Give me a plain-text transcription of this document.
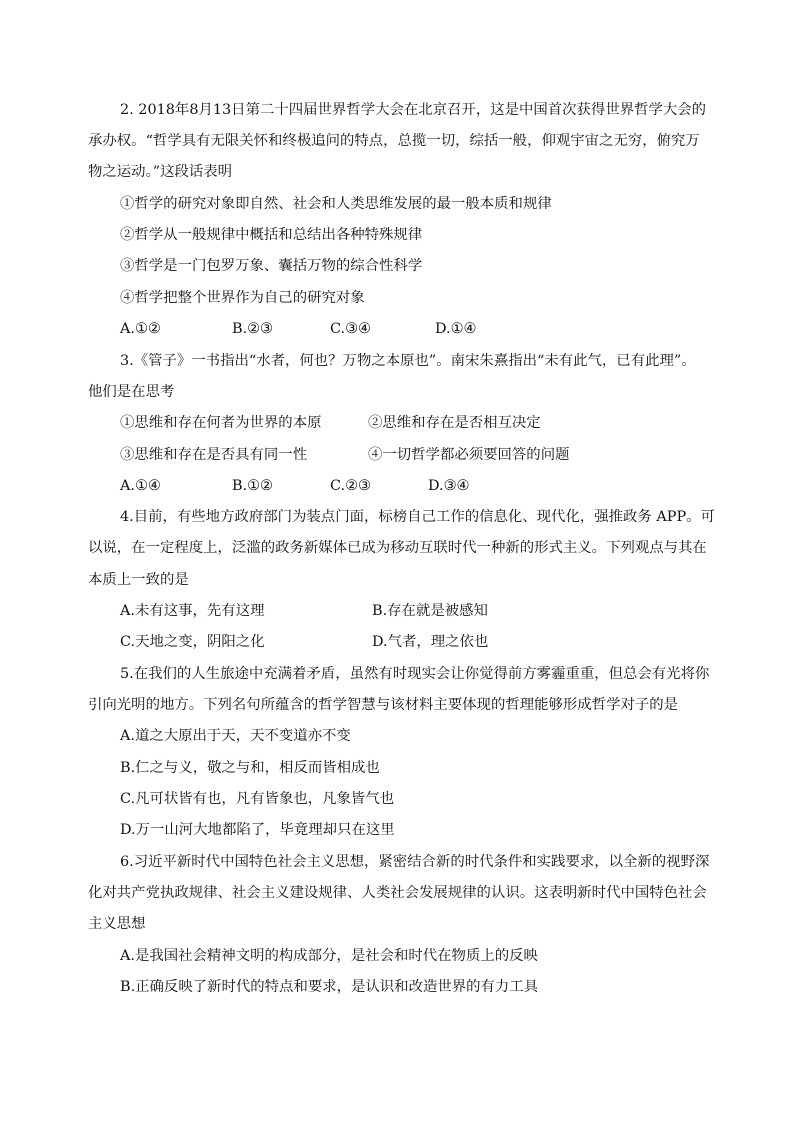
2. 2018年8月13日第二十四届世界哲学大会在北京召开，这是中国首次获得世界哲学大会的
承办权。“哲学具有无限关怀和终极追问的特点，总揽一切，综括一般，仰观宇宙之无穷，俯究万
物之运动。”这段话表明
①哲学的研究对象即自然、社会和人类思维发展的最一般本质和规律
②哲学从一般规律中概括和总结出各种特殊规律
③哲学是一门包罗万象、囊括万物的综合性科学
④哲学把整个世界作为自己的研究对象
A.①②	B.②③	C.③④	D.①④
3.《管子》一书指出“水者，何也？万物之本原也”。南宋朱熹指出“未有此气，已有此理”。
他们是在思考
①思维和存在何者为世界的本原	②思维和存在是否相互决定
③思维和存在是否具有同一性	④一切哲学都必须要回答的问题
A.①④	B.①②	C.②③	D.③④
4.目前，有些地方政府部门为装点门面，标榜自己工作的信息化、现代化，强推政务 APP。可
以说，在一定程度上，泛滥的政务新媒体已成为移动互联时代一种新的形式主义。下列观点与其在
本质上一致的是
A.未有这事，先有这理	B.存在就是被感知
C.天地之变，阴阳之化	D.气者，理之依也
5.在我们的人生旅途中充满着矛盾，虽然有时现实会让你觉得前方雾霾重重，但总会有光将你
引向光明的地方。下列名句所蕴含的哲学智慧与该材料主要体现的哲理能够形成哲学对子的是
A.道之大原出于天，天不变道亦不变
B.仁之与义，敬之与和，相反而皆相成也
C.凡可状皆有也，凡有皆象也，凡象皆气也
D.万一山河大地都陷了，毕竟理却只在这里
6.习近平新时代中国特色社会主义思想，紧密结合新的时代条件和实践要求，以全新的视野深
化对共产党执政规律、社会主义建设规律、人类社会发展规律的认识。这表明新时代中国特色社会
主义思想
A.是我国社会精神文明的构成部分，是社会和时代在物质上的反映
B.正确反映了新时代的特点和要求，是认识和改造世界的有力工具
